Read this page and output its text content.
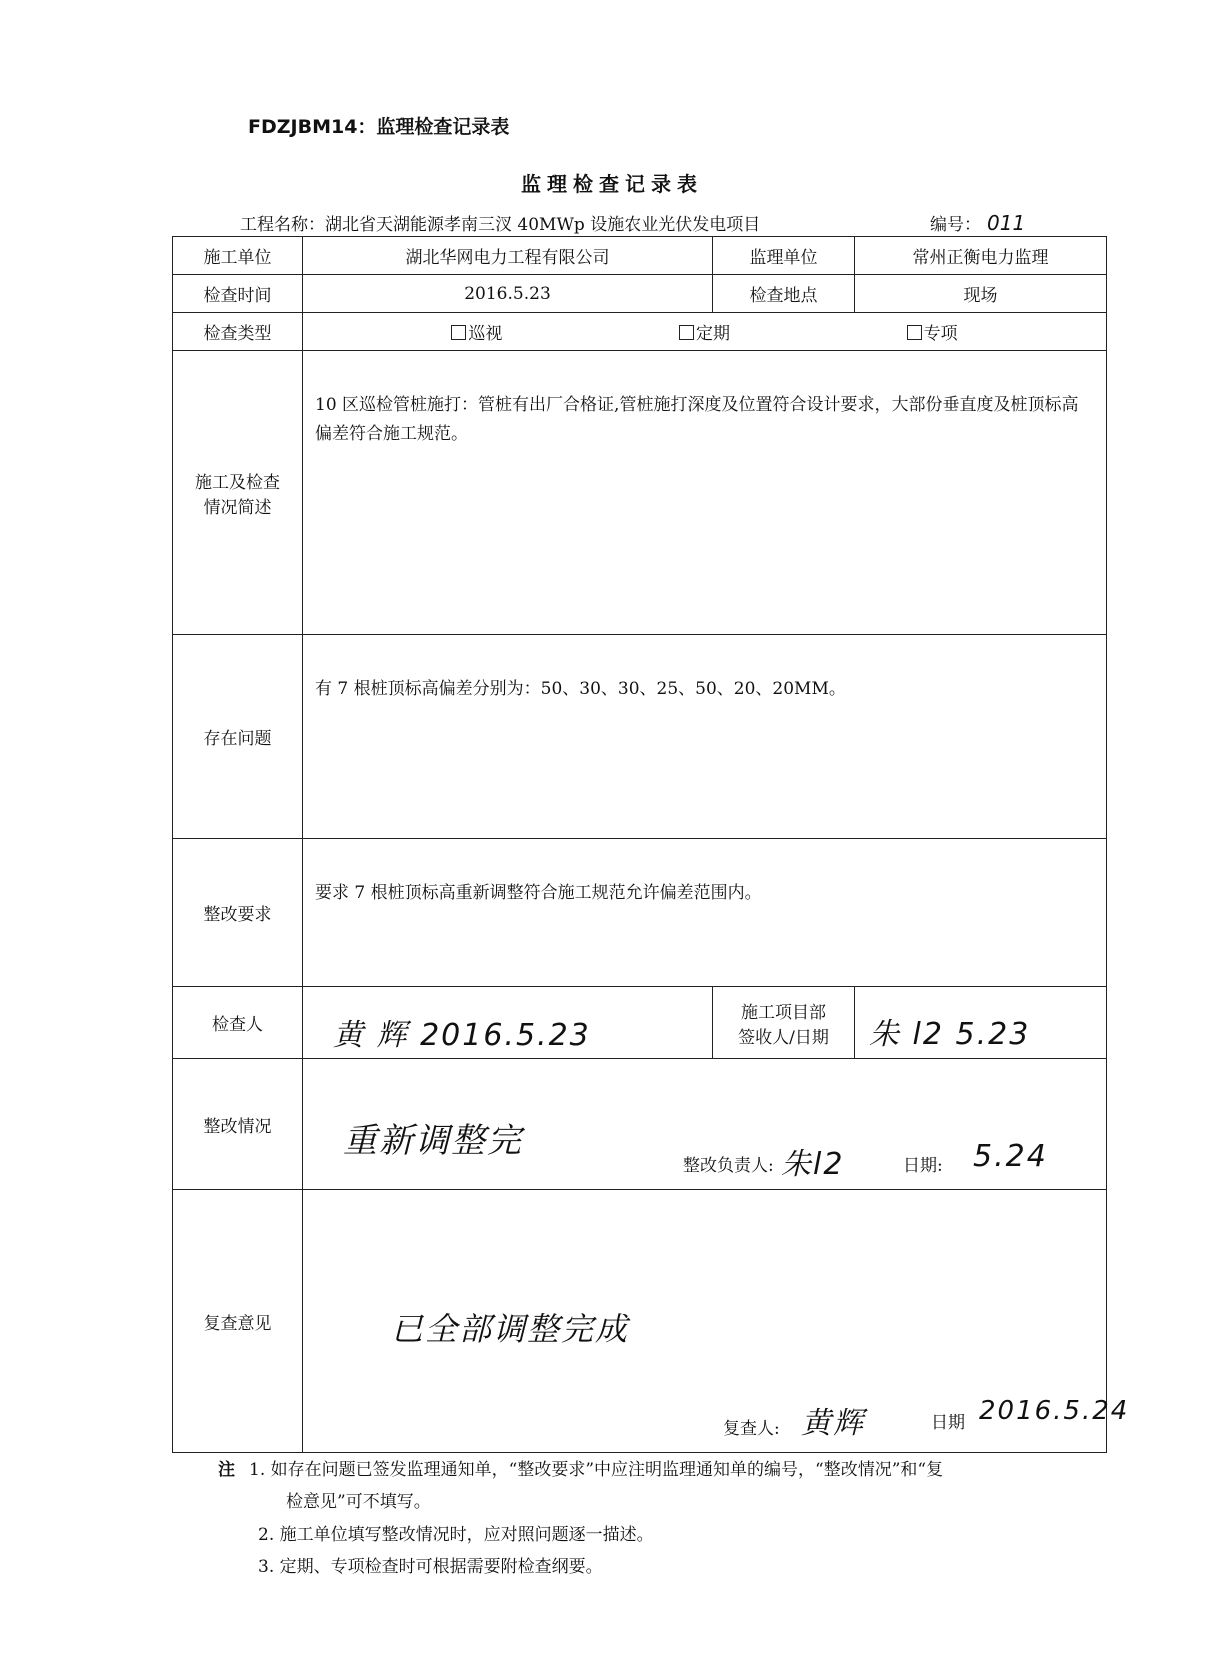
FDZJBM14：监理检查记录表
监理检查记录表
工程名称：湖北省天湖能源孝南三汊 40MWp 设施农业光伏发电项目	编号： 011
施工单位	湖北华网电力工程有限公司	监理单位	常州正衡电力监理
检查时间	2016.5.23	检查地点	现场
检查类型	巡视 定期 专项		

施工及检查
情况简述	10 区巡检管桩施打：管桩有出厂合格证,管桩施打深度及位置符合设计要求，大部份垂直度及桩顶标高偏差符合施工规范。		
存在问题	有 7 根桩顶标高偏差分别为：50、30、30、25、50、20、20MM。		
整改要求	要求 7 根桩顶标高重新调整符合施工规范允许偏差范围内。		
检查人	黄 辉 2016.5.23	施工项目部
签收人/日期	朱 l2 5.23
整改情况	重新调整完
整改负责人: 朱l2 日期: 5.24		

复查意见	已全部调整完成
复查人: 黄辉 日期 2016.5.24		
注 1. 如存在问题已签发监理通知单，“整改要求”中应注明监理通知单的编号，“整改情况”和“复
检意见”可不填写。
2. 施工单位填写整改情况时，应对照问题逐一描述。
3. 定期、专项检查时可根据需要附检查纲要。
